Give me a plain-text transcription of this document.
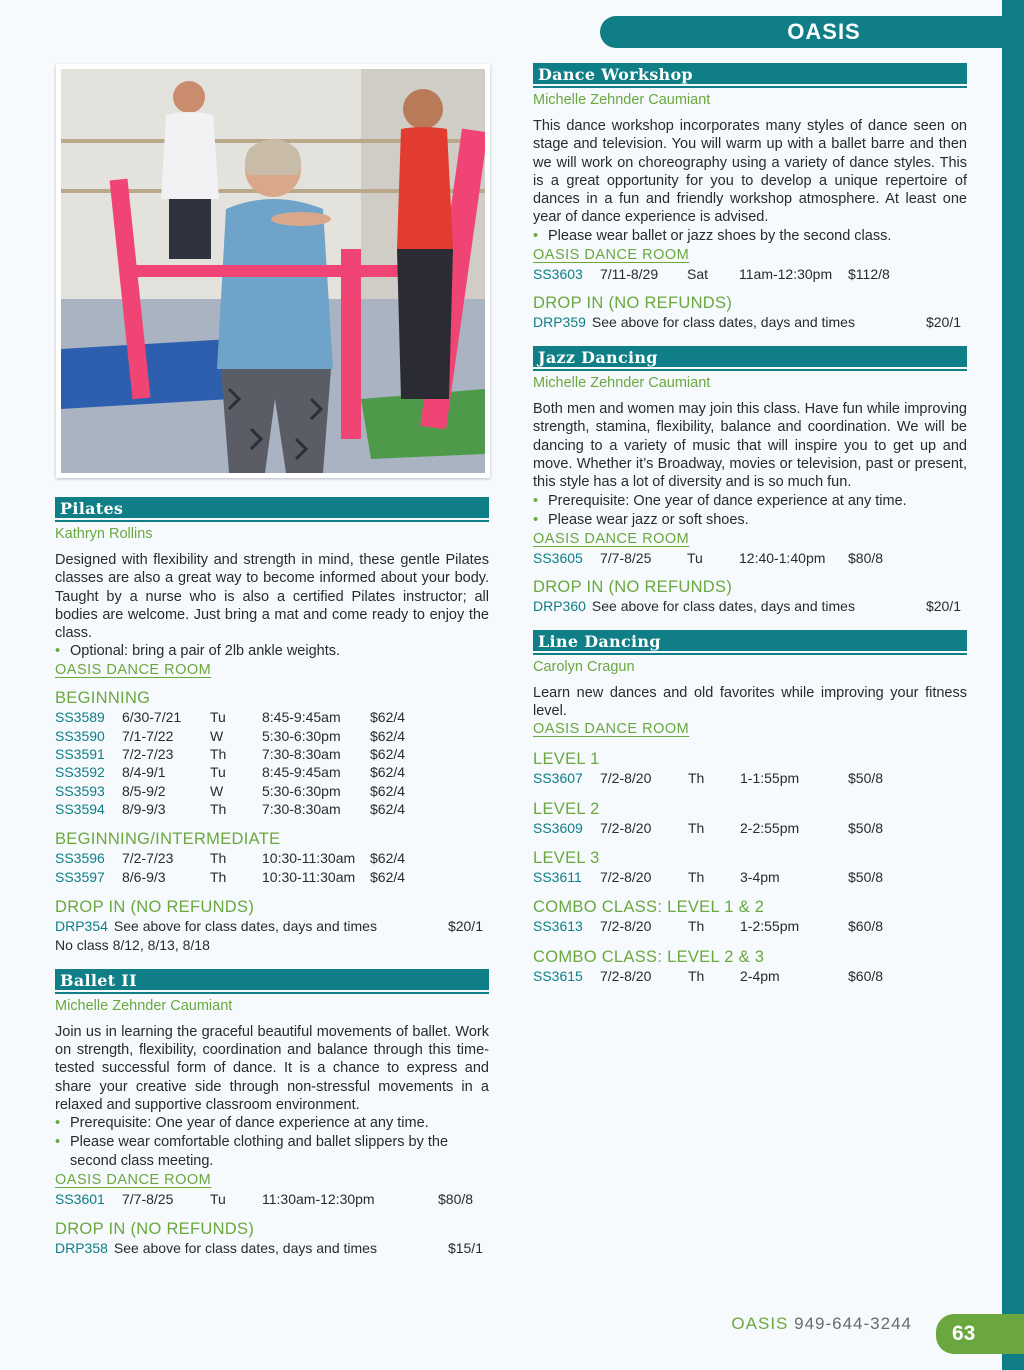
OASIS
Pilates
Kathryn Rollins

Designed with flexibility and strength in mind, these gentle Pilates classes are also a great way to become informed about your body. Taught by a nurse who is also a certified Pilates instructor; all bodies are welcome. Just bring a mat and come ready to enjoy the class.

• Optional: bring a pair of 2lb ankle weights.
OASIS DANCE ROOM
BEGINNING
SS3589	6/30-7/21	Tu	8:45-9:45am	$62/4
SS3590	7/1-7/22	W	5:30-6:30pm	$62/4
SS3591	7/2-7/23	Th	7:30-8:30am	$62/4
SS3592	8/4-9/1	Tu	8:45-9:45am	$62/4
SS3593	8/5-9/2	W	5:30-6:30pm	$62/4
SS3594	8/9-9/3	Th	7:30-8:30am	$62/4
BEGINNING/INTERMEDIATE
SS3596	7/2-7/23	Th	10:30-11:30am	$62/4
SS3597	8/6-9/3	Th	10:30-11:30am	$62/4
DROP IN (NO REFUNDS)
DRP354 See above for class dates, days and times	$20/1
No class 8/12, 8/13, 8/18
Ballet II
Michelle Zehnder Caumiant

Join us in learning the graceful beautiful movements of ballet. Work on strength, flexibility, coordination and balance through this time-tested successful form of dance. It is a chance to express and share your creative side through non-stressful movements in a relaxed and supportive classroom environment.

• Prerequisite: One year of dance experience at any time.
• Please wear comfortable clothing and ballet slippers by the second class meeting.
OASIS DANCE ROOM
SS3601	7/7-8/25	Tu	11:30am-12:30pm	$80/8
DROP IN (NO REFUNDS)
DRP358 See above for class dates, days and times	$15/1
Dance Workshop
Michelle Zehnder Caumiant

This dance workshop incorporates many styles of dance seen on stage and television. You will warm up with a ballet barre and then we will work on choreography using a variety of dance styles. This is a great opportunity for you to develop a unique repertoire of dances in a fun and friendly workshop atmosphere. At least one year of dance experience is advised.

• Please wear ballet or jazz shoes by the second class.
OASIS DANCE ROOM
SS3603	7/11-8/29	Sat	11am-12:30pm	$112/8
DROP IN (NO REFUNDS)
DRP359 See above for class dates, days and times	$20/1
Jazz Dancing
Michelle Zehnder Caumiant

Both men and women may join this class. Have fun while improving strength, stamina, flexibility, balance and coordination. We will be dancing to a variety of music that will inspire you to get up and move. Whether it’s Broadway, movies or television, past or present, this style has a lot of diversity and is so much fun.

• Prerequisite: One year of dance experience at any time.
• Please wear jazz or soft shoes.
OASIS DANCE ROOM
SS3605	7/7-8/25	Tu	12:40-1:40pm	$80/8
DROP IN (NO REFUNDS)
DRP360 See above for class dates, days and times	$20/1
Line Dancing
Carolyn Cragun

Learn new dances and old favorites while improving your fitness level.

OASIS DANCE ROOM
LEVEL 1
SS3607	7/2-8/20	Th	1-1:55pm	$50/8
LEVEL 2
SS3609	7/2-8/20	Th	2-2:55pm	$50/8
LEVEL 3
SS3611	7/2-8/20	Th	3-4pm	$50/8
COMBO CLASS: LEVEL 1 & 2
SS3613	7/2-8/20	Th	1-2:55pm	$60/8
COMBO CLASS: LEVEL 2 & 3
SS3615	7/2-8/20	Th	2-4pm	$60/8
OASIS 949-644-3244	63
